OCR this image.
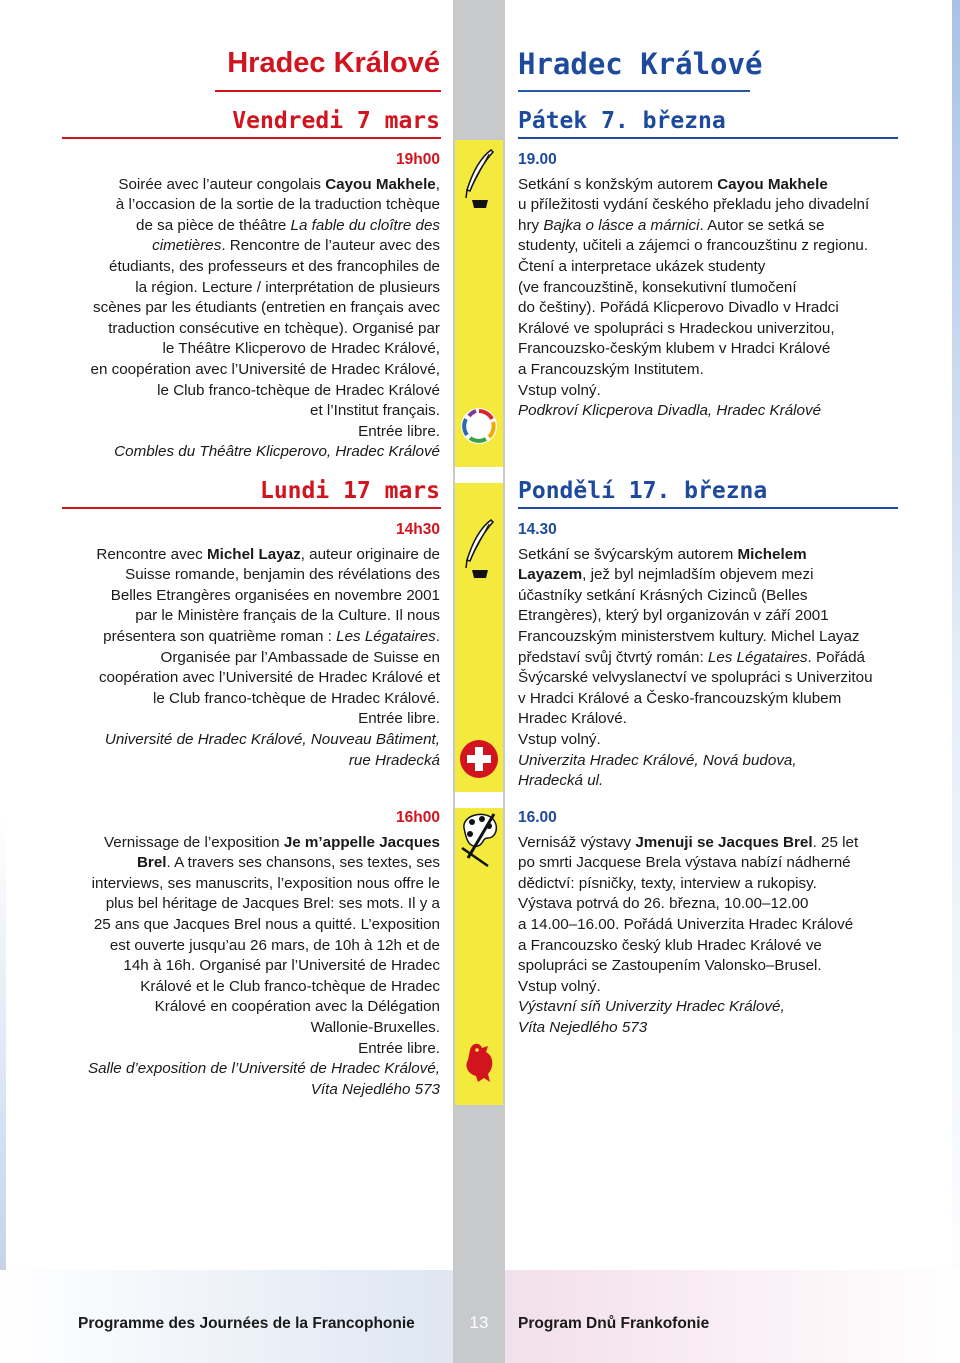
Hradec Králové	Hradec Králové
Vendredi 7 mars	Pátek 7. března
Lundi 17 mars	Pondělí 17. března
19h00
Soirée avec l’auteur congolais Cayou Makhele,
à l’occasion de la sortie de la traduction tchèque
de sa pièce de théâtre La fable du cloître des
cimetières. Rencontre de l’auteur avec des
étudiants, des professeurs et des francophiles de
la région. Lecture / interprétation de plusieurs
scènes par les étudiants (entretien en français avec
traduction consécutive en tchèque). Organisé par
le Théâtre Klicperovo de Hradec Králové,
en coopération avec l’Université de Hradec Králové,
le Club franco-tchèque de Hradec Králové
et l’Institut français.
Entrée libre.
Combles du Théâtre Klicperovo, Hradec Králové
19.00
Setkání s konžským autorem Cayou Makhele
u příležitosti vydání českého překladu jeho divadelní
hry Bajka o lásce a márnici. Autor se setká se
studenty, učiteli a zájemci o francouzštinu z regionu.
Čtení a interpretace ukázek studenty
(ve francouzštině, konsekutivní tlumočení
do češtiny). Pořádá Klicperovo Divadlo v Hradci
Králové ve spolupráci s Hradeckou univerzitou,
Francouzsko-českým klubem v Hradci Králové
a Francouzským Institutem.
Vstup volný.
Podkroví Klicperova Divadla, Hradec Králové
14h30
Rencontre avec Michel Layaz, auteur originaire de
Suisse romande, benjamin des révélations des
Belles Etrangères organisées en novembre 2001
par le Ministère français de la Culture. Il nous
présentera son quatrième roman : Les Légataires.
Organisée par l’Ambassade de Suisse en
coopération avec l’Université de Hradec Králové et
le Club franco-tchèque de Hradec Králové.
Entrée libre.
Université de Hradec Králové, Nouveau Bâtiment,
rue Hradecká
14.30
Setkání se švýcarským autorem Michelem
Layazem, jež byl nejmladším objevem mezi
účastníky setkání Krásných Cizinců (Belles
Etrangères), který byl organizován v září 2001
Francouzským ministerstvem kultury. Michel Layaz
představí svůj čtvrtý román: Les Légataires. Pořádá
Švýcarské velvyslanectví ve spolupráci s Univerzitou
v Hradci Králové a Česko-francouzským klubem
Hradec Králové.
Vstup volný.
Univerzita Hradec Králové, Nová budova,
Hradecká ul.
16h00
Vernissage de l’exposition Je m’appelle Jacques
Brel. A travers ses chansons, ses textes, ses
interviews, ses manuscrits, l’exposition nous offre le
plus bel héritage de Jacques Brel: ses mots. Il y a
25 ans que Jacques Brel nous a quitté. L’exposition
est ouverte jusqu’au 26 mars, de 10h à 12h et de
14h à 16h. Organisé par l’Université de Hradec
Králové et le Club franco-tchèque de Hradec
Králové en coopération avec la Délégation
Wallonie-Bruxelles.
Entrée libre.
Salle d’exposition de l’Université de Hradec Králové,
Víta Nejedlého 573
16.00
Vernisáž výstavy Jmenuji se Jacques Brel. 25 let
po smrti Jacquese Brela výstava nabízí nádherné
dědictví: písničky, texty, interview a rukopisy.
Výstava potrvá do 26. března, 10.00–12.00
a 14.00–16.00. Pořádá Univerzita Hradec Králové
a Francouzsko český klub Hradec Králové ve
spolupráci se Zastoupením Valonsko–Brusel.
Vstup volný.
Výstavní síň Univerzity Hradec Králové,
Víta Nejedlého 573
13
Programme des Journées de la Francophonie	Program Dnů Frankofonie
